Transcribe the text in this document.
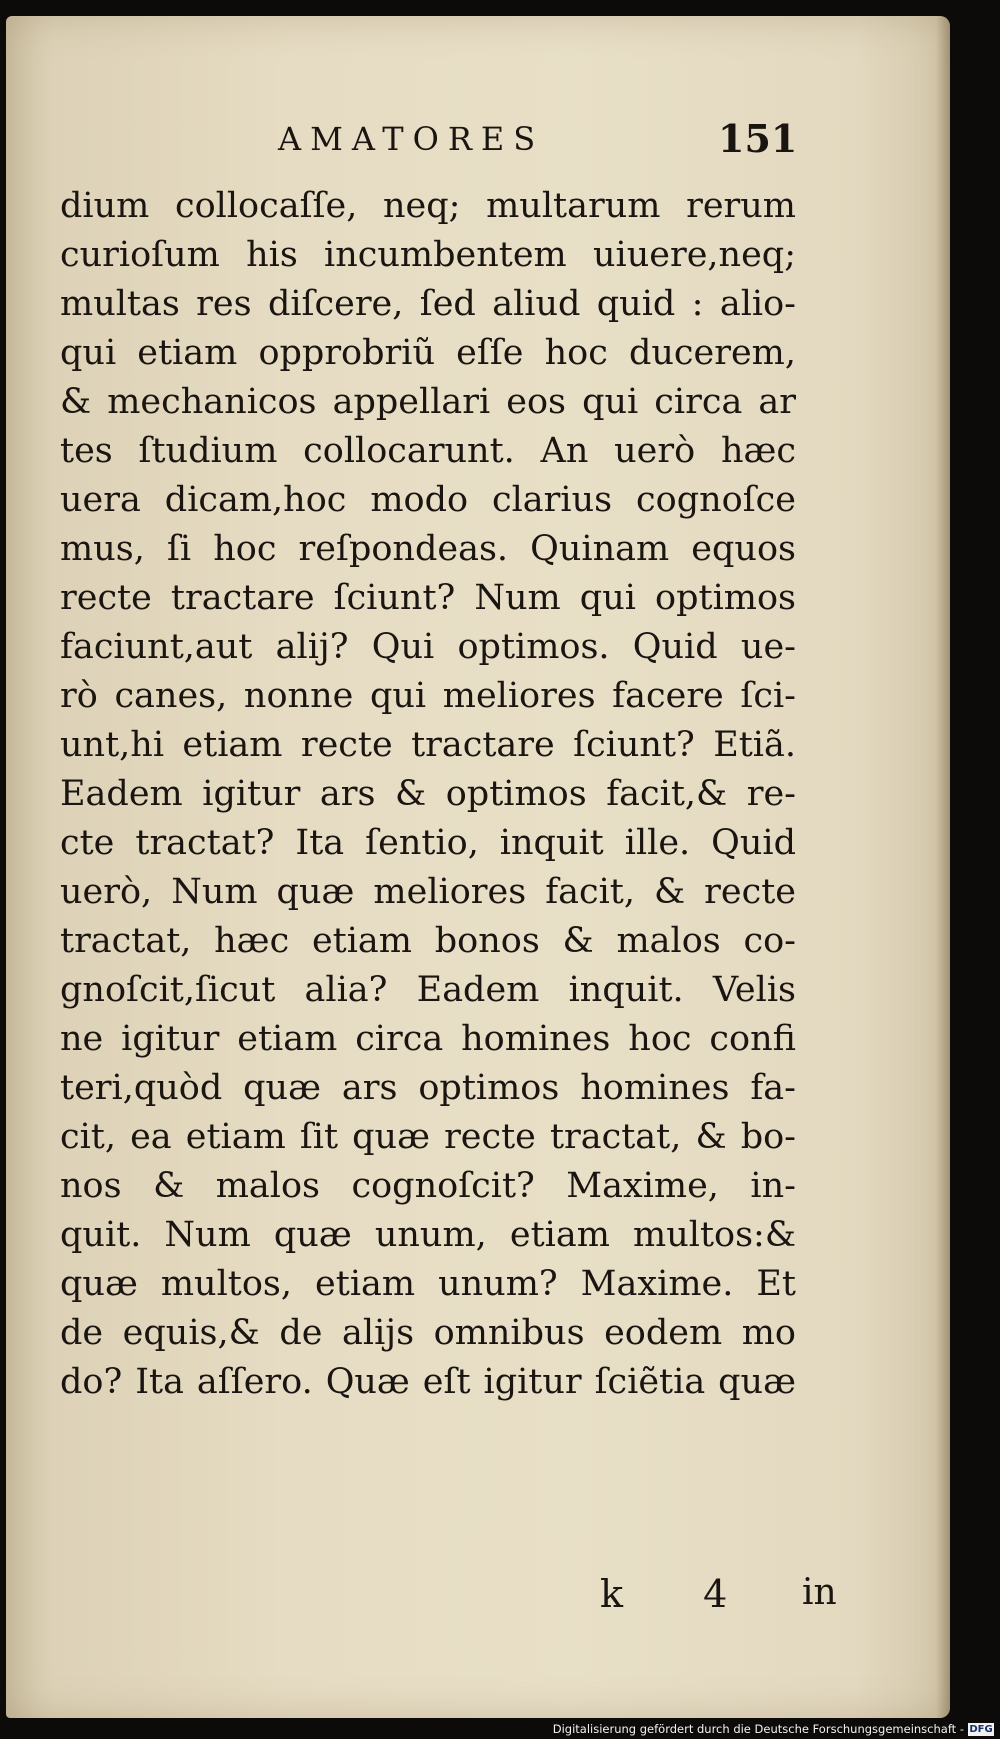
AMATORES	151
dium collocaſſe, neq; multarum rerum
curioſum his incumbentem uiuere,neq;
multas res diſcere, ſed aliud quid : alio-
qui etiam opprobriũ eſſe hoc ducerem,
& mechanicos appellari eos qui circa ar
tes ſtudium collocarunt. An uerò hæc
uera dicam,hoc modo clarius cognoſce
mus, ſi hoc reſpondeas. Quinam equos
recte tractare ſciunt? Num qui optimos
faciunt,aut alij? Qui optimos. Quid ue-
rò canes, nonne qui meliores facere ſci-
unt,hi etiam recte tractare ſciunt? Etiã.
Eadem igitur ars & optimos facit,& re-
cte tractat? Ita ſentio, inquit ille. Quid
uerò, Num quæ meliores facit, & recte
tractat, hæc etiam bonos & malos co-
gnoſcit,ſicut alia? Eadem inquit. Velis
ne igitur etiam circa homines hoc confi
teri,quòd quæ ars optimos homines fa-
cit, ea etiam ſit quæ recte tractat, & bo-
nos & malos cognoſcit? Maxime, in-
quit. Num quæ unum, etiam multos:&
quæ multos, etiam unum? Maxime. Et
de equis,& de alijs omnibus eodem mo
do? Ita aſſero. Quæ eſt igitur ſciẽtia quæ
k 4 in
Digitalisierung gefördert durch die Deutsche Forschungsgemeinschaft - DFG
